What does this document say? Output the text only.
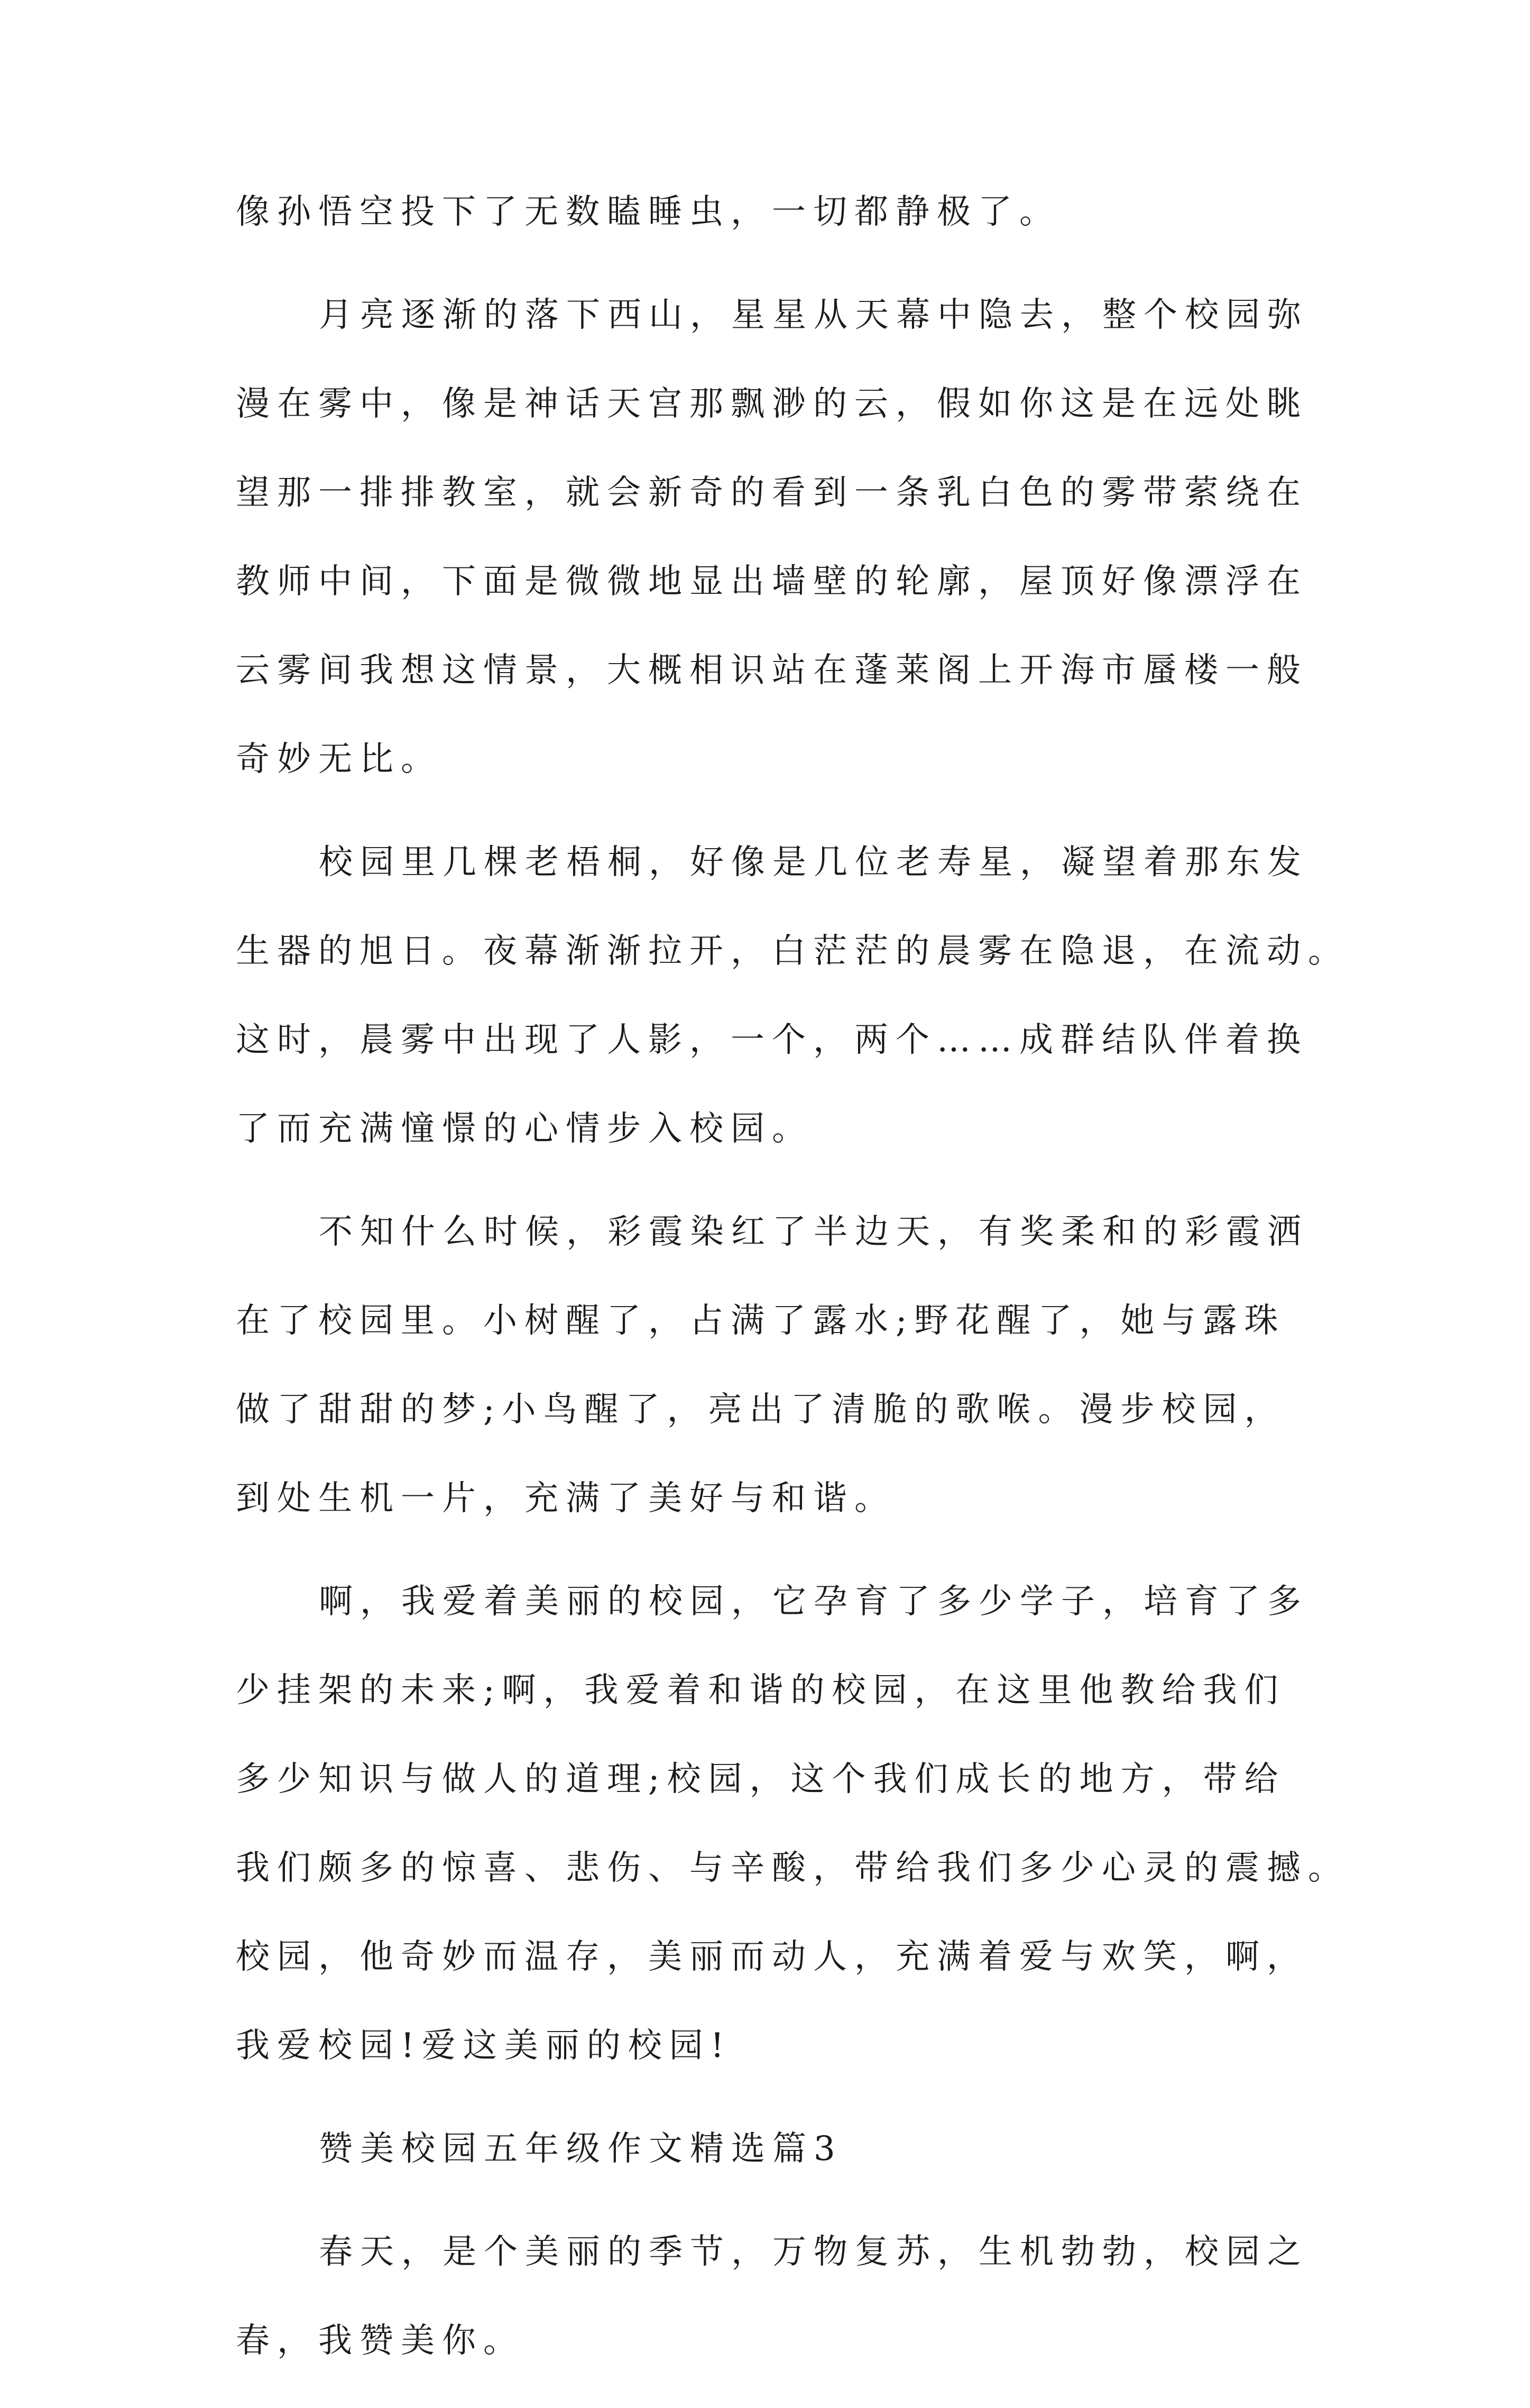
像孙悟空投下了无数瞌睡虫，一切都静极了。
月亮逐渐的落下西山，星星从天幕中隐去，整个校园弥
漫在雾中，像是神话天宫那飘渺的云，假如你这是在远处眺
望那一排排教室，就会新奇的看到一条乳白色的雾带萦绕在
教师中间，下面是微微地显出墙壁的轮廓，屋顶好像漂浮在
云雾间我想这情景，大概相识站在蓬莱阁上开海市蜃楼一般
奇妙无比。
校园里几棵老梧桐，好像是几位老寿星，凝望着那东发
生器的旭日。夜幕渐渐拉开，白茫茫的晨雾在隐退，在流动。
这时，晨雾中出现了人影，一个，两个……成群结队伴着换
了而充满憧憬的心情步入校园。
不知什么时候，彩霞染红了半边天，有奖柔和的彩霞洒
在了校园里。小树醒了，占满了露水;野花醒了，她与露珠
做了甜甜的梦;小鸟醒了，亮出了清脆的歌喉。漫步校园，
到处生机一片，充满了美好与和谐。
啊，我爱着美丽的校园，它孕育了多少学子，培育了多
少挂架的未来;啊，我爱着和谐的校园，在这里他教给我们
多少知识与做人的道理;校园，这个我们成长的地方，带给
我们颇多的惊喜、悲伤、与辛酸，带给我们多少心灵的震撼。
校园，他奇妙而温存，美丽而动人，充满着爱与欢笑，啊，
我爱校园!爱这美丽的校园!
赞美校园五年级作文精选篇3
春天，是个美丽的季节，万物复苏，生机勃勃，校园之
春，我赞美你。
